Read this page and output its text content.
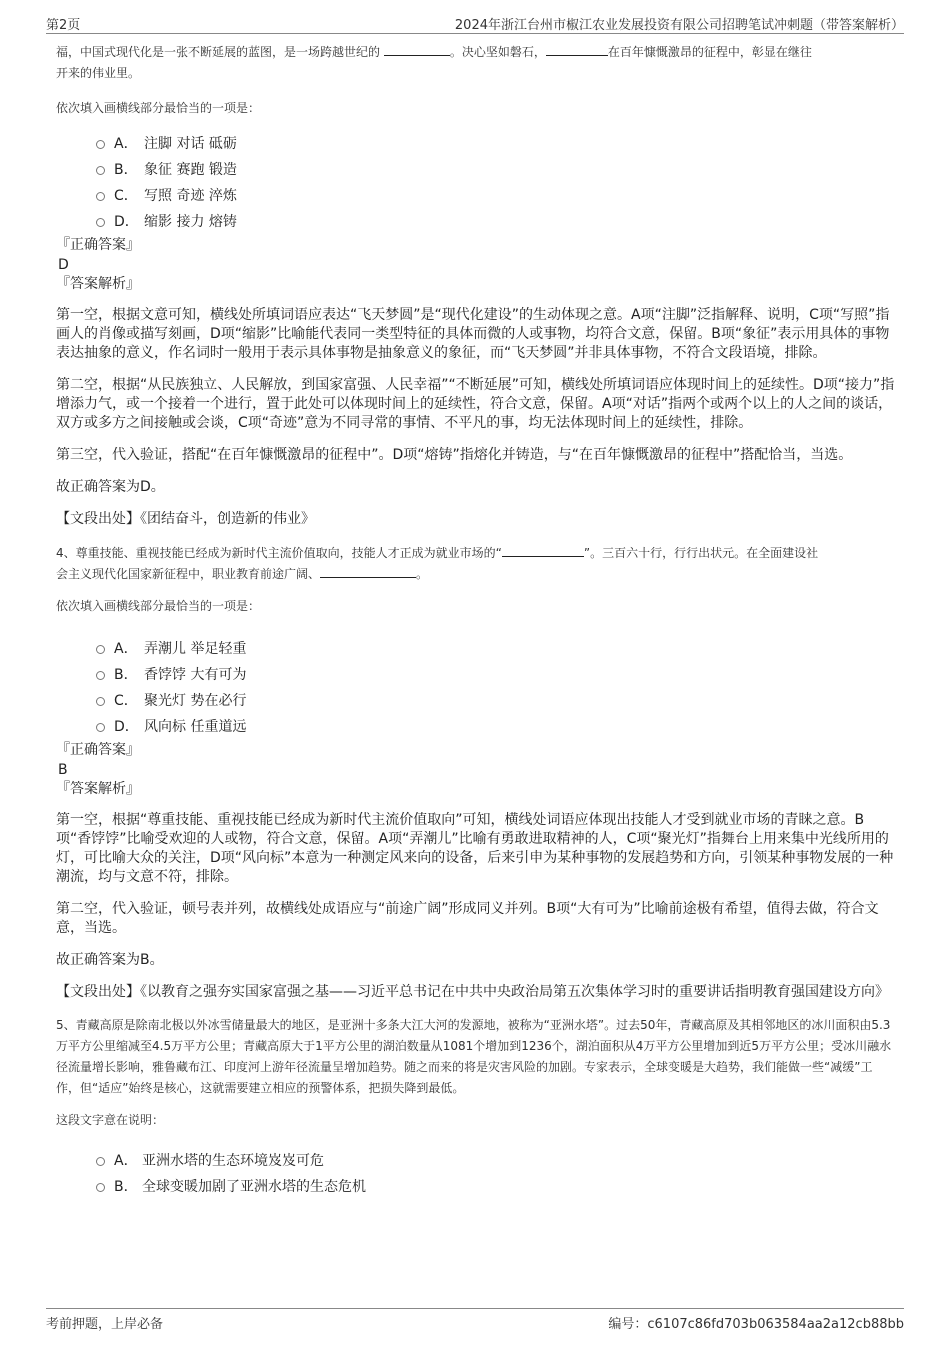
第2页	2024年浙江台州市椒江农业发展投资有限公司招聘笔试冲刺题（带答案解析）

福，中国式现代化是一张不断延展的蓝图，是一场跨越世纪的	。决心坚如磐石，	在百年慷慨激昂的征程中，彰显在继往
开来的伟业里。

依次填入画横线部分最恰当的一项是：

A． 注脚 对话 砥砺
B． 象征 赛跑 锻造
C． 写照 奇迹 淬炼
D． 缩影 接力 熔铸
『正确答案』
D
『答案解析』

第一空，根据文意可知，横线处所填词语应表达“飞天梦圆”是“现代化建设”的生动体现之意。A项“注脚”泛指解释、说明，C项“写照”指画人的肖像或描写刻画，D项“缩影”比喻能代表同一类型特征的具体而微的人或事物，均符合文意，保留。B项“象征”表示用具体的事物表达抽象的意义，作名词时一般用于表示具体事物是抽象意义的象征，而“飞天梦圆”并非具体事物，不符合文段语境，排除。

第二空，根据“从民族独立、人民解放，到国家富强、人民幸福”“不断延展”可知，横线处所填词语应体现时间上的延续性。D项“接力”指增添力气，或一个接着一个进行，置于此处可以体现时间上的延续性，符合文意，保留。A项“对话”指两个或两个以上的人之间的谈话，双方或多方之间接触或会谈，C项“奇迹”意为不同寻常的事情、不平凡的事，均无法体现时间上的延续性，排除。

第三空，代入验证，搭配“在百年慷慨激昂的征程中”。D项“熔铸”指熔化并铸造，与“在百年慷慨激昂的征程中”搭配恰当，当选。

故正确答案为D。

【文段出处】《团结奋斗，创造新的伟业》

4、尊重技能、重视技能已经成为新时代主流价值取向，技能人才正成为就业市场的“	”。三百六十行，行行出状元。在全面建设社
会主义现代化国家新征程中，职业教育前途广阔、	。

依次填入画横线部分最恰当的一项是：

A． 弄潮儿 举足轻重
B． 香饽饽 大有可为
C． 聚光灯 势在必行
D． 风向标 任重道远
『正确答案』
B
『答案解析』

第一空，根据“尊重技能、重视技能已经成为新时代主流价值取向”可知，横线处词语应体现出技能人才受到就业市场的青睐之意。B项“香饽饽”比喻受欢迎的人或物，符合文意，保留。A项“弄潮儿”比喻有勇敢进取精神的人，C项“聚光灯”指舞台上用来集中光线所用的灯，可比喻大众的关注，D项“风向标”本意为一种测定风来向的设备，后来引申为某种事物的发展趋势和方向，引领某种事物发展的一种潮流，均与文意不符，排除。

第二空，代入验证，顿号表并列，故横线处成语应与“前途广阔”形成同义并列。B项“大有可为”比喻前途极有希望，值得去做，符合文意，当选。

故正确答案为B。

【文段出处】《以教育之强夯实国家富强之基——习近平总书记在中共中央政治局第五次集体学习时的重要讲话指明教育强国建设方向》

5、青藏高原是除南北极以外冰雪储量最大的地区，是亚洲十多条大江大河的发源地，被称为“亚洲水塔”。过去50年，青藏高原及其相邻地区的冰川面积由5.3万平方公里缩减至4.5万平方公里；青藏高原大于1平方公里的湖泊数量从1081个增加到1236个，湖泊面积从4万平方公里增加到近5万平方公里；受冰川融水径流量增长影响，雅鲁藏布江、印度河上游年径流量呈增加趋势。随之而来的将是灾害风险的加剧。专家表示，全球变暖是大趋势，我们能做一些“减缓”工作，但“适应”始终是核心，这就需要建立相应的预警体系，把损失降到最低。

这段文字意在说明：

A． 亚洲水塔的生态环境岌岌可危
B． 全球变暖加剧了亚洲水塔的生态危机
考前押题，上岸必备	编号：c6107c86fd703b063584aa2a12cb88bb
